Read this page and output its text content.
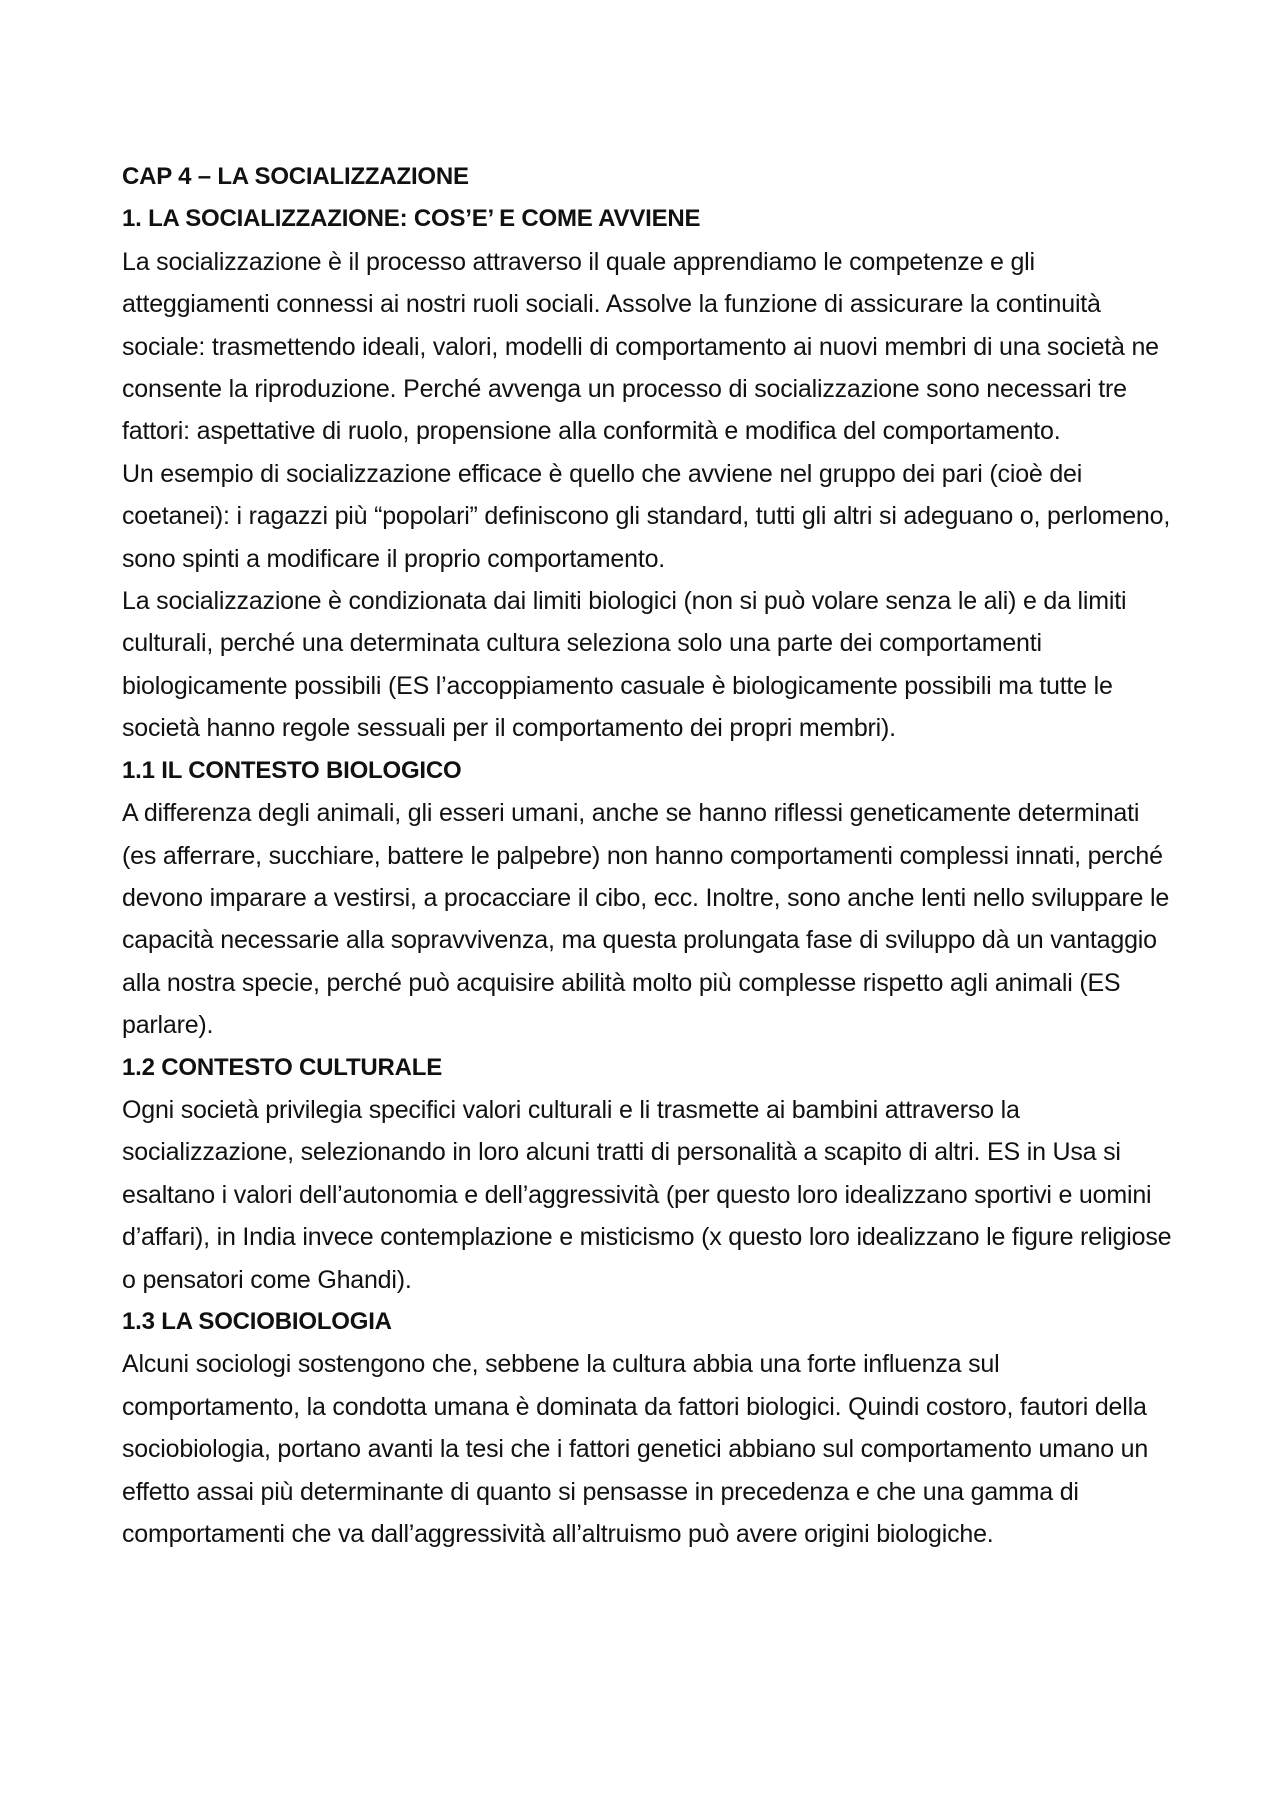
CAP 4 – LA SOCIALIZZAZIONE

1. LA SOCIALIZZAZIONE: COS’E’ E COME AVVIENE

La socializzazione è il processo attraverso il quale apprendiamo le competenze e gli atteggiamenti connessi ai nostri ruoli sociali. Assolve la funzione di assicurare la continuità sociale: trasmettendo ideali, valori, modelli di comportamento ai nuovi membri di una società ne consente la riproduzione. Perché avvenga un processo di socializzazione sono necessari tre fattori: aspettative di ruolo, propensione alla conformità e modifica del comportamento.

Un esempio di socializzazione efficace è quello che avviene nel gruppo dei pari (cioè dei coetanei): i ragazzi più “popolari” definiscono gli standard, tutti gli altri si adeguano o, perlomeno, sono spinti a modificare il proprio comportamento.

La socializzazione è condizionata dai limiti biologici (non si può volare senza le ali) e da limiti culturali, perché una determinata cultura seleziona solo una parte dei comportamenti biologicamente possibili (ES l’accoppiamento casuale è biologicamente possibili ma tutte le società hanno regole sessuali per il comportamento dei propri membri).

1.1 IL CONTESTO BIOLOGICO

A differenza degli animali, gli esseri umani, anche se hanno riflessi geneticamente determinati (es afferrare, succhiare, battere le palpebre) non hanno comportamenti complessi innati, perché devono imparare a vestirsi, a procacciare il cibo, ecc. Inoltre, sono anche lenti nello sviluppare le capacità necessarie alla sopravvivenza, ma questa prolungata fase di sviluppo dà un vantaggio alla nostra specie, perché può acquisire abilità molto più complesse rispetto agli animali (ES parlare).

1.2 CONTESTO CULTURALE

Ogni società privilegia specifici valori culturali e li trasmette ai bambini attraverso la socializzazione, selezionando in loro alcuni tratti di personalità a scapito di altri. ES in Usa si esaltano i valori dell’autonomia e dell’aggressività (per questo loro idealizzano sportivi e uomini d’affari), in India invece contemplazione e misticismo (x questo loro idealizzano le figure religiose o pensatori come Ghandi).

1.3 LA SOCIOBIOLOGIA

Alcuni sociologi sostengono che, sebbene la cultura abbia una forte influenza sul comportamento, la condotta umana è dominata da fattori biologici. Quindi costoro, fautori della sociobiologia, portano avanti la tesi che i fattori genetici abbiano sul comportamento umano un effetto assai più determinante di quanto si pensasse in precedenza e che una gamma di comportamenti che va dall’aggressività all’altruismo può avere origini biologiche.
